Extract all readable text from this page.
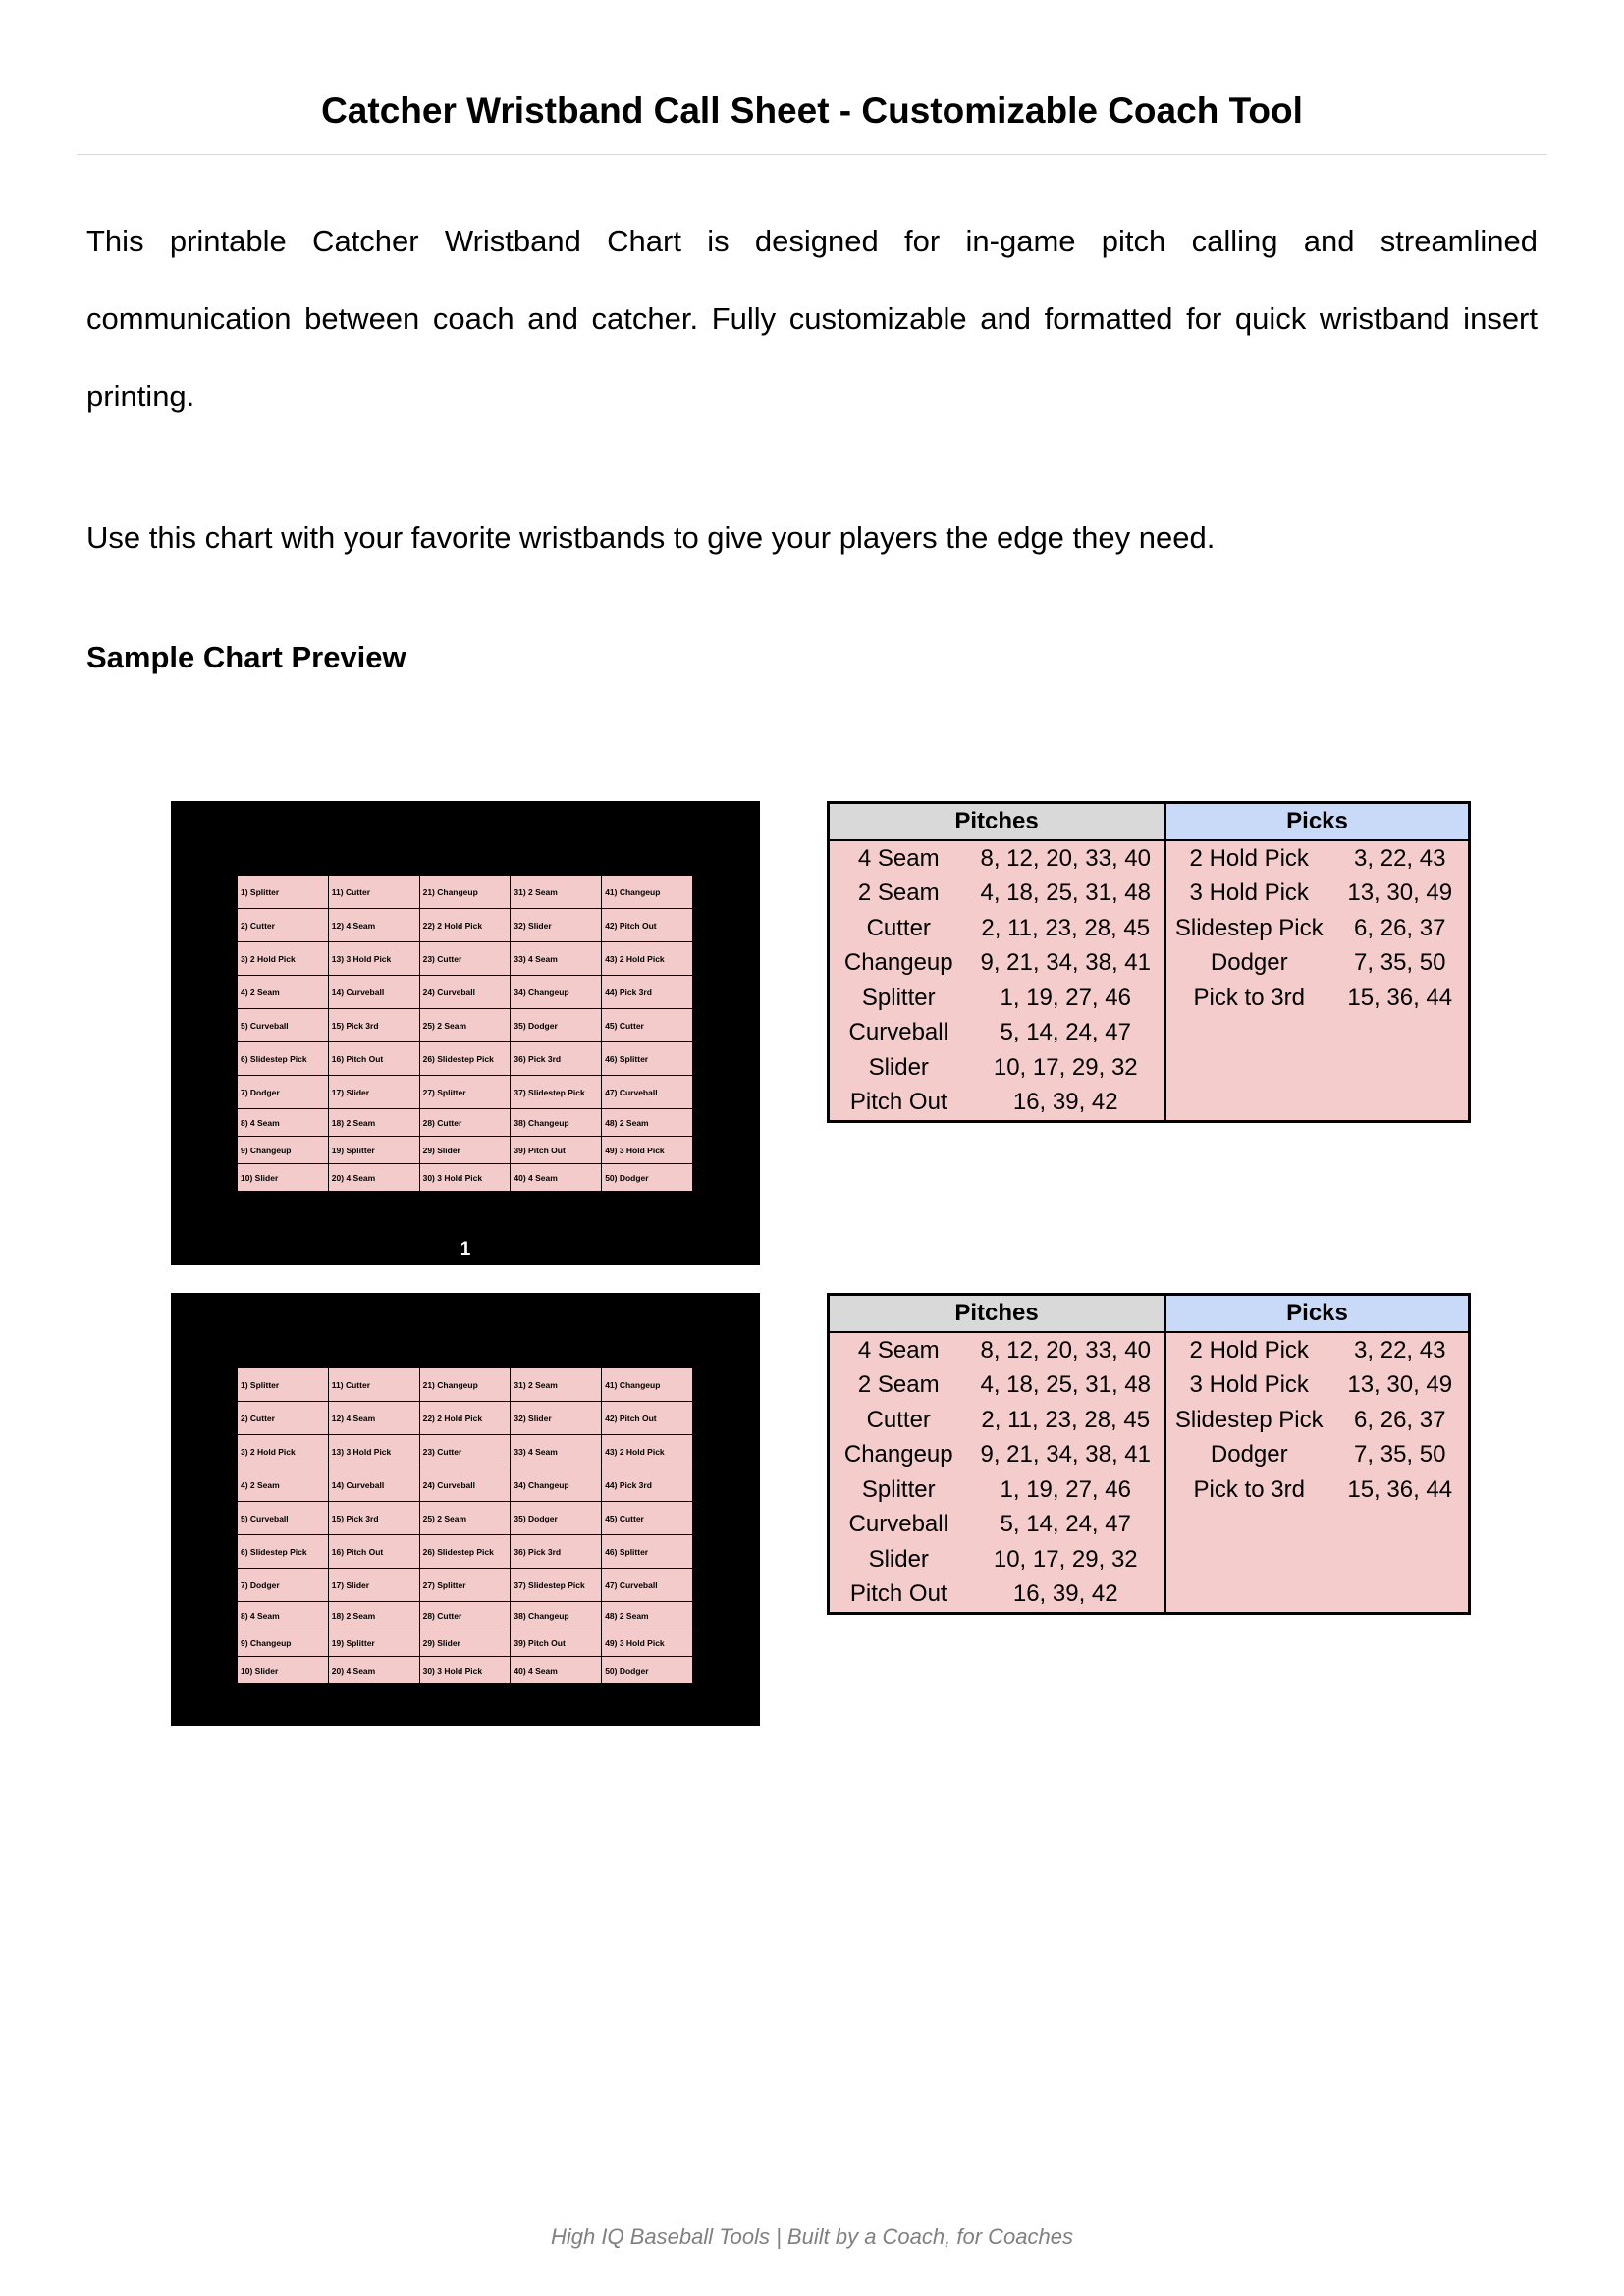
Catcher Wristband Call Sheet - Customizable Coach Tool

This printable Catcher Wristband Chart is designed for in-game pitch calling and streamlined communication between coach and catcher. Fully customizable and formatted for quick wristband insert printing.

Use this chart with your favorite wristbands to give your players the edge they need.

Sample Chart Preview
1) Splitter	11) Cutter	21) Changeup	31) 2 Seam	41) Changeup
2) Cutter	12) 4 Seam	22) 2 Hold Pick	32) Slider	42) Pitch Out
3) 2 Hold Pick	13) 3 Hold Pick	23) Cutter	33) 4 Seam	43) 2 Hold Pick
4) 2 Seam	14) Curveball	24) Curveball	34) Changeup	44) Pick 3rd
5) Curveball	15) Pick 3rd	25) 2 Seam	35) Dodger	45) Cutter
6) Slidestep Pick	16) Pitch Out	26) Slidestep Pick	36) Pick 3rd	46) Splitter
7) Dodger	17) Slider	27) Splitter	37) Slidestep Pick	47) Curveball
8) 4 Seam	18) 2 Seam	28) Cutter	38) Changeup	48) 2 Seam
9) Changeup	19) Splitter	29) Slider	39) Pitch Out	49) 3 Hold Pick
10) Slider	20) 4 Seam	30) 3 Hold Pick	40) 4 Seam	50) Dodger
1
Pitches		Picks	
4 Seam	8, 12, 20, 33, 40	2 Hold Pick	3, 22, 43
2 Seam	4, 18, 25, 31, 48	3 Hold Pick	13, 30, 49
Cutter	2, 11, 23, 28, 45	Slidestep Pick	6, 26, 37
Changeup	9, 21, 34, 38, 41	Dodger	7, 35, 50
Splitter	1, 19, 27, 46	Pick to 3rd	15, 36, 44
Curveball	5, 14, 24, 47		
Slider	10, 17, 29, 32		
Pitch Out	16, 39, 42		
1) Splitter	11) Cutter	21) Changeup	31) 2 Seam	41) Changeup
2) Cutter	12) 4 Seam	22) 2 Hold Pick	32) Slider	42) Pitch Out
3) 2 Hold Pick	13) 3 Hold Pick	23) Cutter	33) 4 Seam	43) 2 Hold Pick
4) 2 Seam	14) Curveball	24) Curveball	34) Changeup	44) Pick 3rd
5) Curveball	15) Pick 3rd	25) 2 Seam	35) Dodger	45) Cutter
6) Slidestep Pick	16) Pitch Out	26) Slidestep Pick	36) Pick 3rd	46) Splitter
7) Dodger	17) Slider	27) Splitter	37) Slidestep Pick	47) Curveball
8) 4 Seam	18) 2 Seam	28) Cutter	38) Changeup	48) 2 Seam
9) Changeup	19) Splitter	29) Slider	39) Pitch Out	49) 3 Hold Pick
10) Slider	20) 4 Seam	30) 3 Hold Pick	40) 4 Seam	50) Dodger
Pitches		Picks	
4 Seam	8, 12, 20, 33, 40	2 Hold Pick	3, 22, 43
2 Seam	4, 18, 25, 31, 48	3 Hold Pick	13, 30, 49
Cutter	2, 11, 23, 28, 45	Slidestep Pick	6, 26, 37
Changeup	9, 21, 34, 38, 41	Dodger	7, 35, 50
Splitter	1, 19, 27, 46	Pick to 3rd	15, 36, 44
Curveball	5, 14, 24, 47		
Slider	10, 17, 29, 32		
Pitch Out	16, 39, 42		
High IQ Baseball Tools | Built by a Coach, for Coaches
